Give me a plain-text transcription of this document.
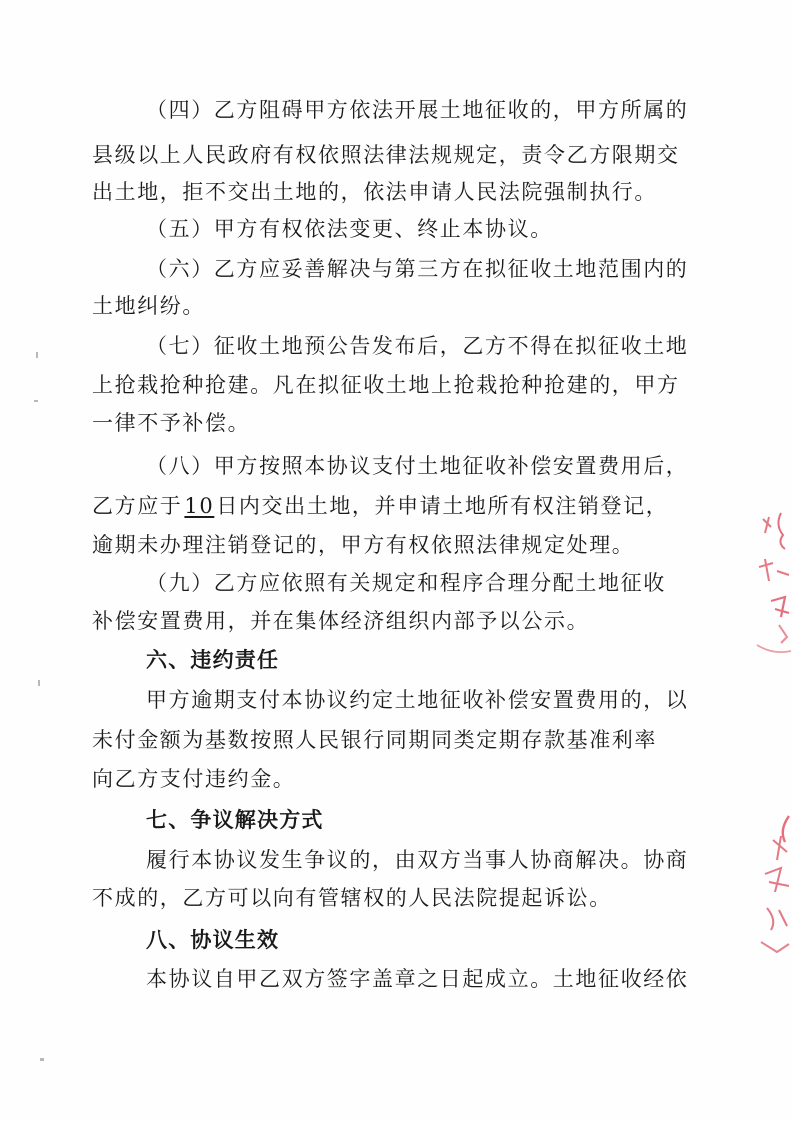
（四）乙方阻碍甲方依法开展土地征收的，甲方所属的
县级以上人民政府有权依照法律法规规定，责令乙方限期交
出土地，拒不交出土地的，依法申请人民法院强制执行。
（五）甲方有权依法变更、终止本协议。
（六）乙方应妥善解决与第三方在拟征收土地范围内的
土地纠纷。
（七）征收土地预公告发布后，乙方不得在拟征收土地
上抢栽抢种抢建。凡在拟征收土地上抢栽抢种抢建的，甲方
一律不予补偿。
（八）甲方按照本协议支付土地征收补偿安置费用后，
乙方应于10日内交出土地，并申请土地所有权注销登记，
逾期未办理注销登记的，甲方有权依照法律规定处理。
（九）乙方应依照有关规定和程序合理分配土地征收
补偿安置费用，并在集体经济组织内部予以公示。
六、违约责任
甲方逾期支付本协议约定土地征收补偿安置费用的，以
未付金额为基数按照人民银行同期同类定期存款基准利率
向乙方支付违约金。
七、争议解决方式
履行本协议发生争议的，由双方当事人协商解决。协商
不成的，乙方可以向有管辖权的人民法院提起诉讼。
八、协议生效
本协议自甲乙双方签字盖章之日起成立。土地征收经依
